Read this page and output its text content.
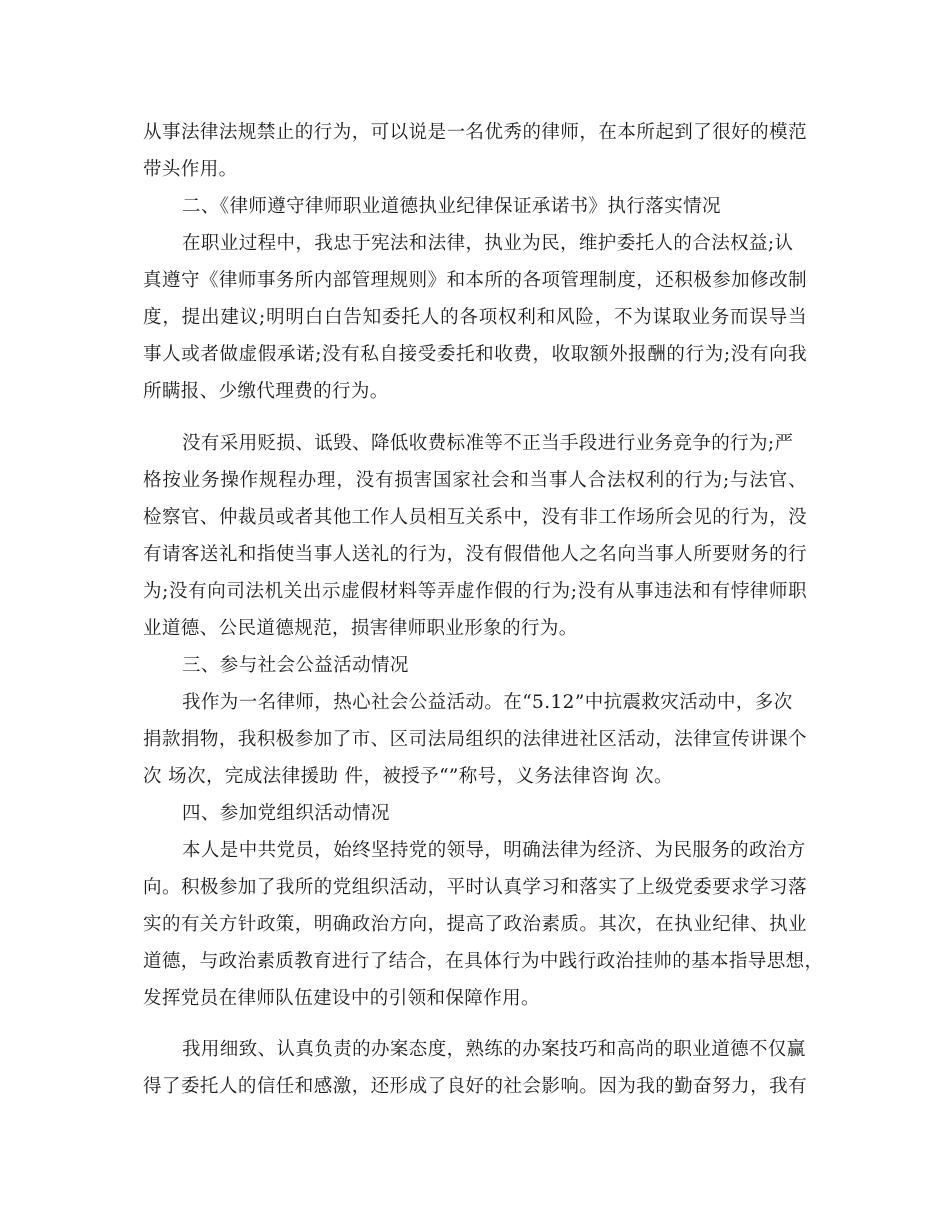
从事法律法规禁止的行为，可以说是一名优秀的律师，在本所起到了很好的模范
带头作用。
二、《律师遵守律师职业道德执业纪律保证承诺书》执行落实情况
在职业过程中，我忠于宪法和法律，执业为民，维护委托人的合法权益;认
真遵守《律师事务所内部管理规则》和本所的各项管理制度，还积极参加修改制
度，提出建议;明明白白告知委托人的各项权利和风险，不为谋取业务而误导当
事人或者做虚假承诺;没有私自接受委托和收费，收取额外报酬的行为;没有向我
所瞒报、少缴代理费的行为。
没有采用贬损、诋毁、降低收费标准等不正当手段进行业务竞争的行为;严
格按业务操作规程办理，没有损害国家社会和当事人合法权利的行为;与法官、
检察官、仲裁员或者其他工作人员相互关系中，没有非工作场所会见的行为，没
有请客送礼和指使当事人送礼的行为，没有假借他人之名向当事人所要财务的行
为;没有向司法机关出示虚假材料等弄虚作假的行为;没有从事违法和有悖律师职
业道德、公民道德规范，损害律师职业形象的行为。
三、参与社会公益活动情况
我作为一名律师，热心社会公益活动。在“5.12”中抗震救灾活动中，多次
捐款捐物，我积极参加了市、区司法局组织的法律进社区活动，法律宣传讲课个
次 场次，完成法律援助 件，被授予“”称号，义务法律咨询 次。
四、参加党组织活动情况
本人是中共党员，始终坚持党的领导，明确法律为经济、为民服务的政治方
向。积极参加了我所的党组织活动，平时认真学习和落实了上级党委要求学习落
实的有关方针政策，明确政治方向，提高了政治素质。其次，在执业纪律、执业
道德，与政治素质教育进行了结合，在具体行为中践行政治挂帅的基本指导思想，
发挥党员在律师队伍建设中的引领和保障作用。
我用细致、认真负责的办案态度，熟练的办案技巧和高尚的职业道德不仅赢
得了委托人的信任和感激，还形成了良好的社会影响。因为我的勤奋努力，我有
